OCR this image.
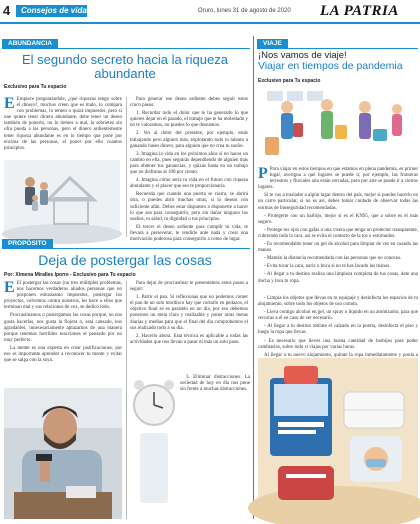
4	Consejos de vida	Oruro, lunes 31 de agosto de 2020 LA PATRIA
ABUNDANCIA
El segundo secreto hacia la riqueza abundante
Exclusivo para Tu espacio

E Empiece preguntándole, ¿qué riquezas tengo sobre el dinero?, muchos creen que es malo, lo compara con problemas, lo temen o quizá impuestos, pero si une quiere tener dinero abundante, debe tener un deseo también de ponerlo, no lo tiemes a mal, la sobrietez sin ofra pueda a las personas, pero el dinero ardientemente tener riqueza abundante es en lo tiempo que pone por encima de las personas, el poner por ello cuantos principios.

Para generar ese deseo ardiente debes seguir estos cinco pasos:

1. Recordar todo el dolor que te ha generado lo que quieres dejar en el pasado, el trabajo que te ha molestado y no te valoramos, no puedes lo que deseamos.

2. Ver al dolor del presente, por ejemplo, estás trabajando pero alguien más, explotando todo tu talento a ganando bases dinero, para alguien que no crea tu sueño.

3. Imagina la vida en los próximos años si no haces un cambio en ella, pues seguirás dependiendo de alguien más para obtener tus ganancias, y quizás hasta en un trabajo que no disfrutas al 100 por ciento.

4. Imagina cómo sería tu vida en el futuro con riqueza abundante y el placer que eso te proporcionaría.

Recuerda que cuando una puerta se cierra, se abrirá otra, o puedes abrir muchas otras, si lo deseas con suficiente afán. Debes estar dispuesto a disponerte a hacer lo que sea para conseguirlo, pero sin dañar ninguno tus sueños, tu salud, tu dignidad o tus principios.

El tercer el deseo ardiente para cumplir tu vida, te llevará a perseverar, te rendirle ante nada y crear una motivación poderosa para conseguirlo a como de lugar.

PROPÓSITO
Deja de postergar las cosas
Por: Ximena Miralles Iporre - Exclusivo para Tu espacio

E El postergar las cosas (no tres múltiples problemas, nos hacemos verdaderos aliados personas que no posponen entusiasmo impuestos, postergar los proyectos, volvemos contra nosotros, les hace a ellos que terminan mal y sus relaciones de vez, se dedicó todo.

Procrastinamos o postergamos las cosas porque, no nos gusta hacerlas, nos gusta la flojera o, está cansado, nos agradables, innecesariamente aplazamos de una manera porque tenemos horribles reacciones el pensado por no muy perfecto.

La mente es una experta en crear justificaciones, por eso es importante aprender a reconocer tu mente y evitar que se salga con la suya.

Para dejar de procrastinar te presentamos estos pasos a seguir:

1. Partir el pan. Si reflexionas que no podemos comer el pan de un solo mordisco hay que cortarlo en pedazos, el objetivo final se es paralelo en un día, por eso debemos ponernos un meta clara y realizable y poner otras metas diarias y medias para que el final del día comprobemos el sus realizado todo a su día.

2. Hacerlo ahora. Esta técnica es aplicable a todas las actividades que nos llevan a pasar el más un solo paso.

3. Eliminar distracciones. La sociedad de hoy en día nos pone sin frente a muchas distracciones.

VIAJE
¡Nos vamos de viaje!
Viajar en tiempos de pandemia
Exclusivo para Tu espacio

P Para viajar en estos tiempos en que estamos en plena pandemia, es primer lugar, averigua a qué lugares se puede ir, por ejemplo, las fronteras terrestres y fluviales aún están cerradas, pero por aire se puede ir a ciertos lugares.

Si te vas a trasladar a algún lugar dentro del país, mejor si puedes hacerlo en un carro particular, si no es así, debes tomar cuidado de observar todas las normas de bioseguridad recomendadas.

- Protegerte con un barbijo, mejor si es el KN95, que a sobre es el más seguro.

- Protege tus ojos con gafas o una visera que tenga un protector transparente, cubriendo toda la cara, así se evita el contacto de la tos o estornudos.

- Es recomendable tener un gel de alcohol para limpiar de vez en cuando las manos.

- Mantén la distancia recomendada con las personas que no conoces.

- Evita tocar la cara, nariz o boca si no te has lavado las manos.

- Al llegar a tu destino realiza una limpieza completa de tus cosas, date una ducha y lava tu ropa.

- Limpia los objetos que llevas en tu equipaje y desinfecta los espacios de tu alojamiento, sobre todo los objetos de uso común.

- Lleva contigo alcohol en gel, un spray o líquido en un atomizador, para que recurras a él en caso de ser necesario.

- Al llegar a tu destino retírate el calzado en la puerta, desinfecta el piso y luego la ropa que llevas.

- Es necesario que lleves una buena cantidad de barbijos para poder cambiarlos, sobre todo si viajas por varias horas.

Al llegar a tu nuevo alojamiento, quitate la ropa inmediatamente y ponla a
